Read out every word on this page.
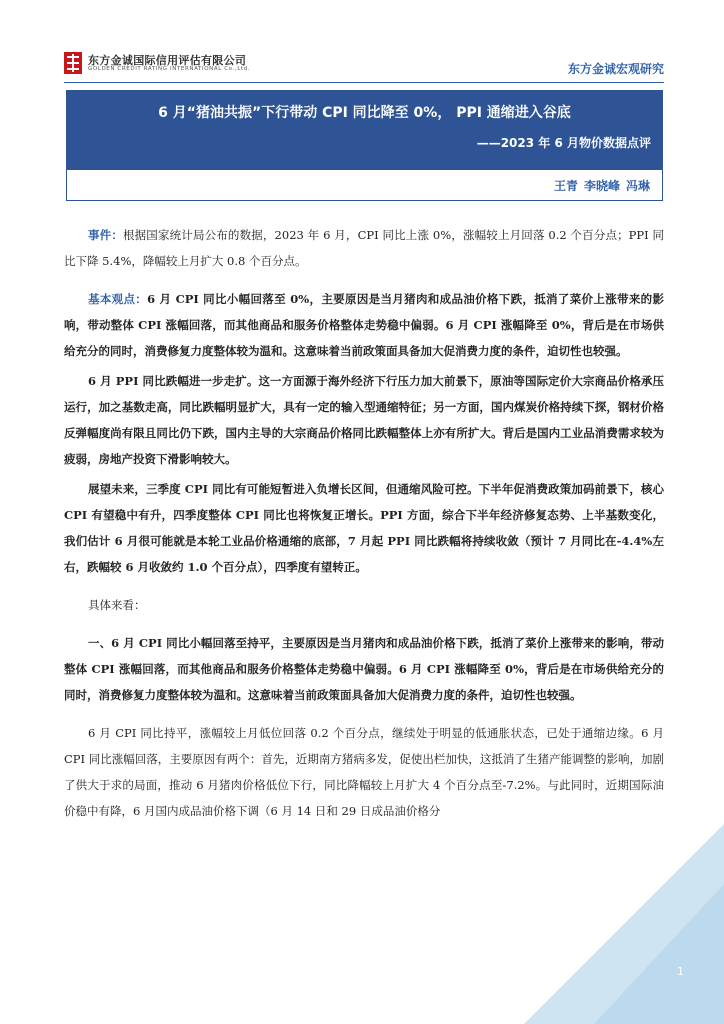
东方金诚国际信用评估有限公司
GOLDEN CREDIT RATING INTERNATIONAL Co.,Ltd.	东方金诚宏观研究
6 月“猪油共振”下行带动 CPI 同比降至 0%， PPI 通缩进入谷底
——2023 年 6 月物价数据点评
王青 李晓峰 冯琳

事件：根据国家统计局公布的数据，2023 年 6 月，CPI 同比上涨 0%，涨幅较上月回落 0.2 个百分点；PPI 同比下降 5.4%，降幅较上月扩大 0.8 个百分点。

基本观点：6 月 CPI 同比小幅回落至 0%，主要原因是当月猪肉和成品油价格下跌，抵消了菜价上涨带来的影响，带动整体 CPI 涨幅回落，而其他商品和服务价格整体走势稳中偏弱。6 月 CPI 涨幅降至 0%，背后是在市场供给充分的同时，消费修复力度整体较为温和。这意味着当前政策面具备加大促消费力度的条件，迫切性也较强。

6 月 PPI 同比跌幅进一步走扩。这一方面源于海外经济下行压力加大前景下，原油等国际定价大宗商品价格承压运行，加之基数走高，同比跌幅明显扩大，具有一定的输入型通缩特征；另一方面，国内煤炭价格持续下探，钢材价格反弹幅度尚有限且同比仍下跌，国内主导的大宗商品价格同比跌幅整体上亦有所扩大。背后是国内工业品消费需求较为疲弱，房地产投资下滑影响较大。

展望未来，三季度 CPI 同比有可能短暂进入负增长区间，但通缩风险可控。下半年促消费政策加码前景下，核心 CPI 有望稳中有升，四季度整体 CPI 同比也将恢复正增长。PPI 方面，综合下半年经济修复态势、上半基数变化，我们估计 6 月很可能就是本轮工业品价格通缩的底部，7 月起 PPI 同比跌幅将持续收敛（预计 7 月同比在-4.4%左右，跌幅较 6 月收敛约 1.0 个百分点），四季度有望转正。

具体来看：

一、6 月 CPI 同比小幅回落至持平，主要原因是当月猪肉和成品油价格下跌，抵消了菜价上涨带来的影响，带动整体 CPI 涨幅回落，而其他商品和服务价格整体走势稳中偏弱。6 月 CPI 涨幅降至 0%，背后是在市场供给充分的同时，消费修复力度整体较为温和。这意味着当前政策面具备加大促消费力度的条件，迫切性也较强。

6 月 CPI 同比持平，涨幅较上月低位回落 0.2 个百分点，继续处于明显的低通胀状态，已处于通缩边缘。6 月 CPI 同比涨幅回落，主要原因有两个：首先，近期南方猪病多发，促使出栏加快，这抵消了生猪产能调整的影响，加剧了供大于求的局面，推动 6 月猪肉价格低位下行，同比降幅较上月扩大 4 个百分点至-7.2%。与此同时，近期国际油价稳中有降，6 月国内成品油价格下调（6 月 14 日和 29 日成品油价格分

1
